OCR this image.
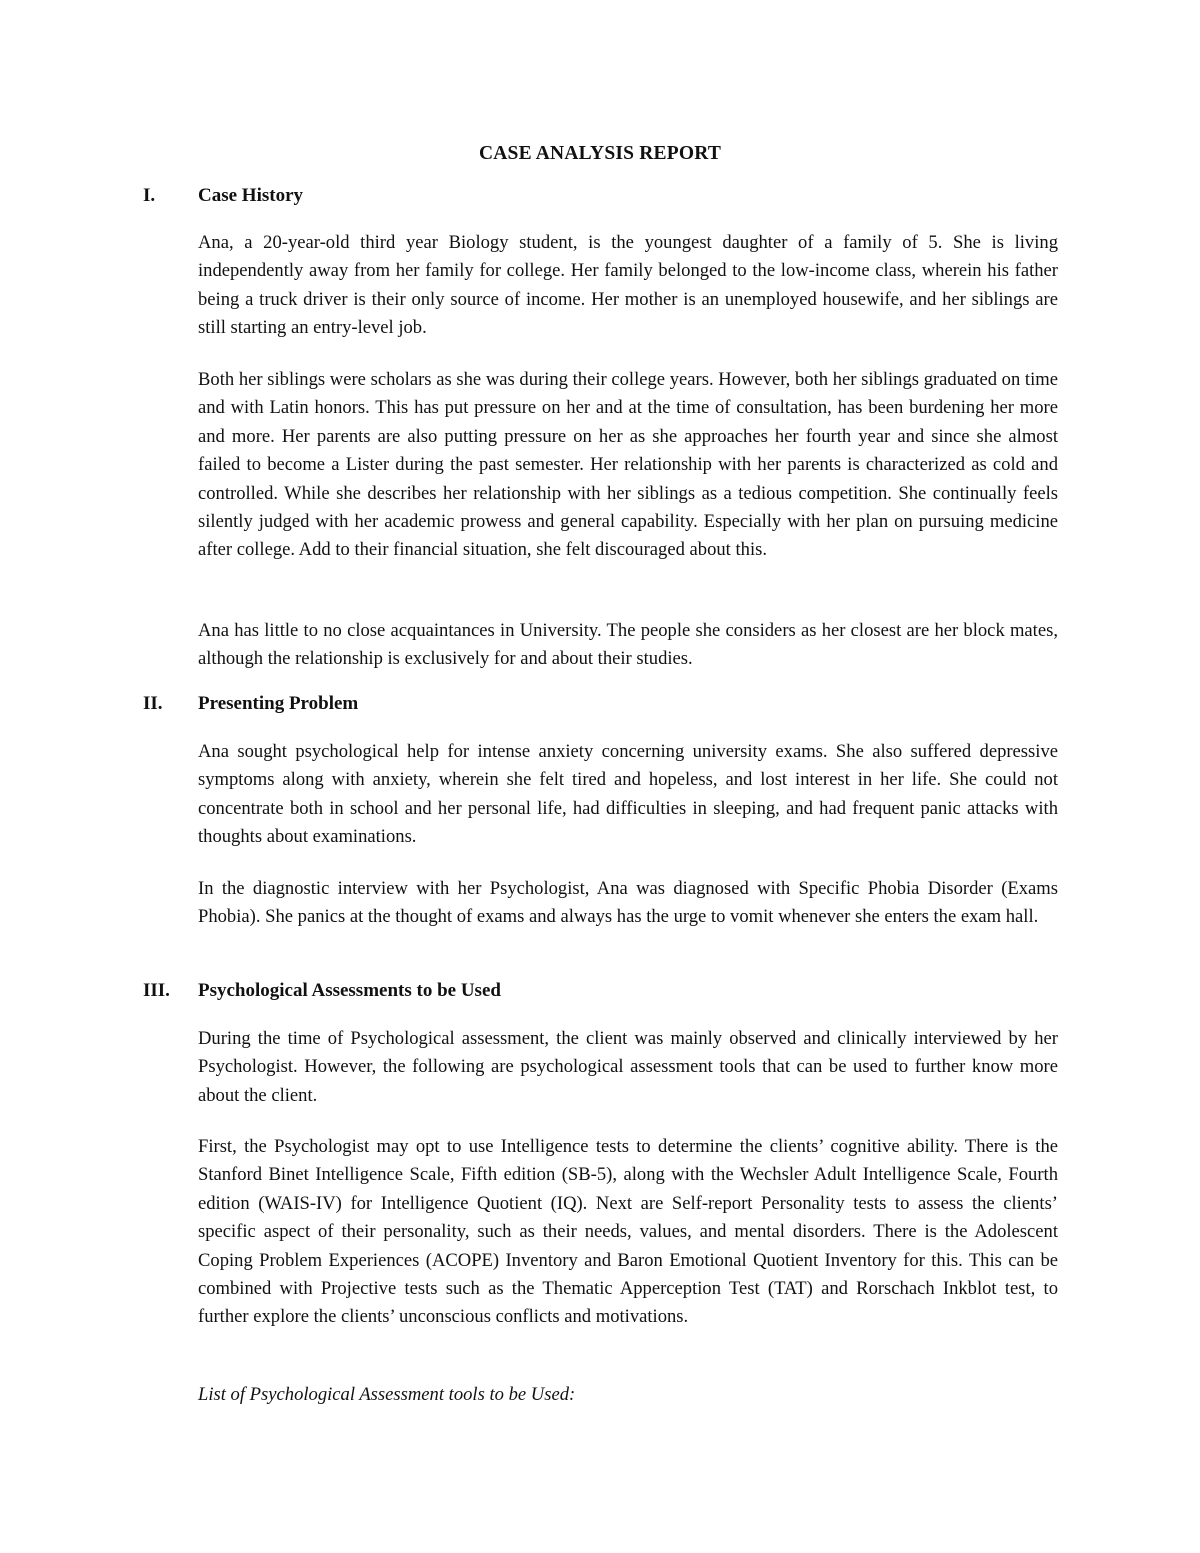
CASE ANALYSIS REPORT
I.	Case History

Ana, a 20-year-old third year Biology student, is the youngest daughter of a family of 5. She is living independently away from her family for college. Her family belonged to the low-income class, wherein his father being a truck driver is their only source of income. Her mother is an unemployed housewife, and her siblings are still starting an entry-level job.

Both her siblings were scholars as she was during their college years. However, both her siblings graduated on time and with Latin honors. This has put pressure on her and at the time of consultation, has been burdening her more and more. Her parents are also putting pressure on her as she approaches her fourth year and since she almost failed to become a Lister during the past semester. Her relationship with her parents is characterized as cold and controlled. While she describes her relationship with her siblings as a tedious competition. She continually feels silently judged with her academic prowess and general capability. Especially with her plan on pursuing medicine after college. Add to their financial situation, she felt discouraged about this.

Ana has little to no close acquaintances in University. The people she considers as her closest are her block mates, although the relationship is exclusively for and about their studies.

II.	Presenting Problem

Ana sought psychological help for intense anxiety concerning university exams. She also suffered depressive symptoms along with anxiety, wherein she felt tired and hopeless, and lost interest in her life. She could not concentrate both in school and her personal life, had difficulties in sleeping, and had frequent panic attacks with thoughts about examinations.

In the diagnostic interview with her Psychologist, Ana was diagnosed with Specific Phobia Disorder (Exams Phobia). She panics at the thought of exams and always has the urge to vomit whenever she enters the exam hall.

III.	Psychological Assessments to be Used

During the time of Psychological assessment, the client was mainly observed and clinically interviewed by her Psychologist. However, the following are psychological assessment tools that can be used to further know more about the client.

First, the Psychologist may opt to use Intelligence tests to determine the clients’ cognitive ability. There is the Stanford Binet Intelligence Scale, Fifth edition (SB-5), along with the Wechsler Adult Intelligence Scale, Fourth edition (WAIS-IV) for Intelligence Quotient (IQ). Next are Self-report Personality tests to assess the clients’ specific aspect of their personality, such as their needs, values, and mental disorders. There is the Adolescent Coping Problem Experiences (ACOPE) Inventory and Baron Emotional Quotient Inventory for this. This can be combined with Projective tests such as the Thematic Apperception Test (TAT) and Rorschach Inkblot test, to further explore the clients’ unconscious conflicts and motivations.

List of Psychological Assessment tools to be Used:
